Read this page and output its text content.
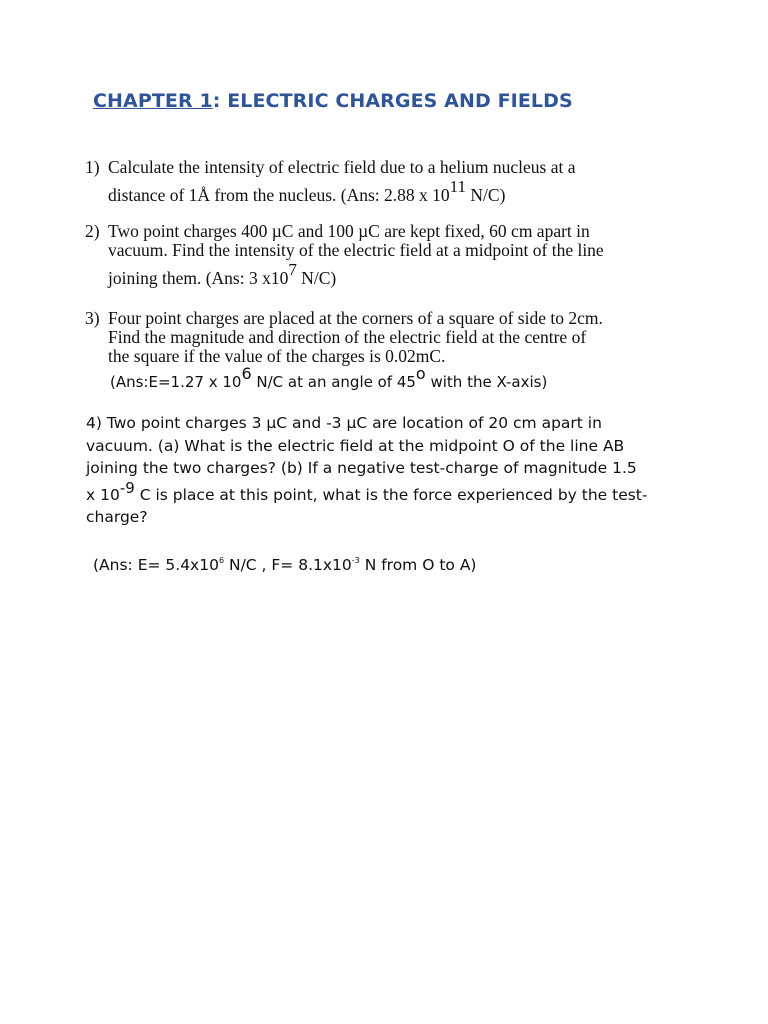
CHAPTER 1: ELECTRIC CHARGES AND FIELDS
1) Calculate the intensity of electric field due to a helium nucleus at a
distance of 1Å from the nucleus. (Ans: 2.88 x $10^{11}$ N/C)
2) Two point charges 400 µC and 100 µC are kept fixed, 60 cm apart in
vacuum. Find the intensity of the electric field at a midpoint of the line
joining them. (Ans: 3 $x10^7$ N/C)
3) Four point charges are placed at the corners of a square of side to 2cm.
Find the magnitude and direction of the electric field at the centre of
the square if the value of the charges is 0.02mC.
(Ans:E=1.27 x $10^6$ N/C at an angle of 45$^o$ with the X-axis)
4) Two point charges 3 µC and -3 µC are location of 20 cm apart in
vacuum. (a) What is the electric field at the midpoint O of the line AB
joining the two charges? (b) If a negative test-charge of magnitude 1.5
x $10^{-9}$ C is place at this point, what is the force experienced by the test-
charge?
(Ans: $E= 5.4x10^6$ N/C , $F= 8.1x10^{-3}$ N from O to A)
